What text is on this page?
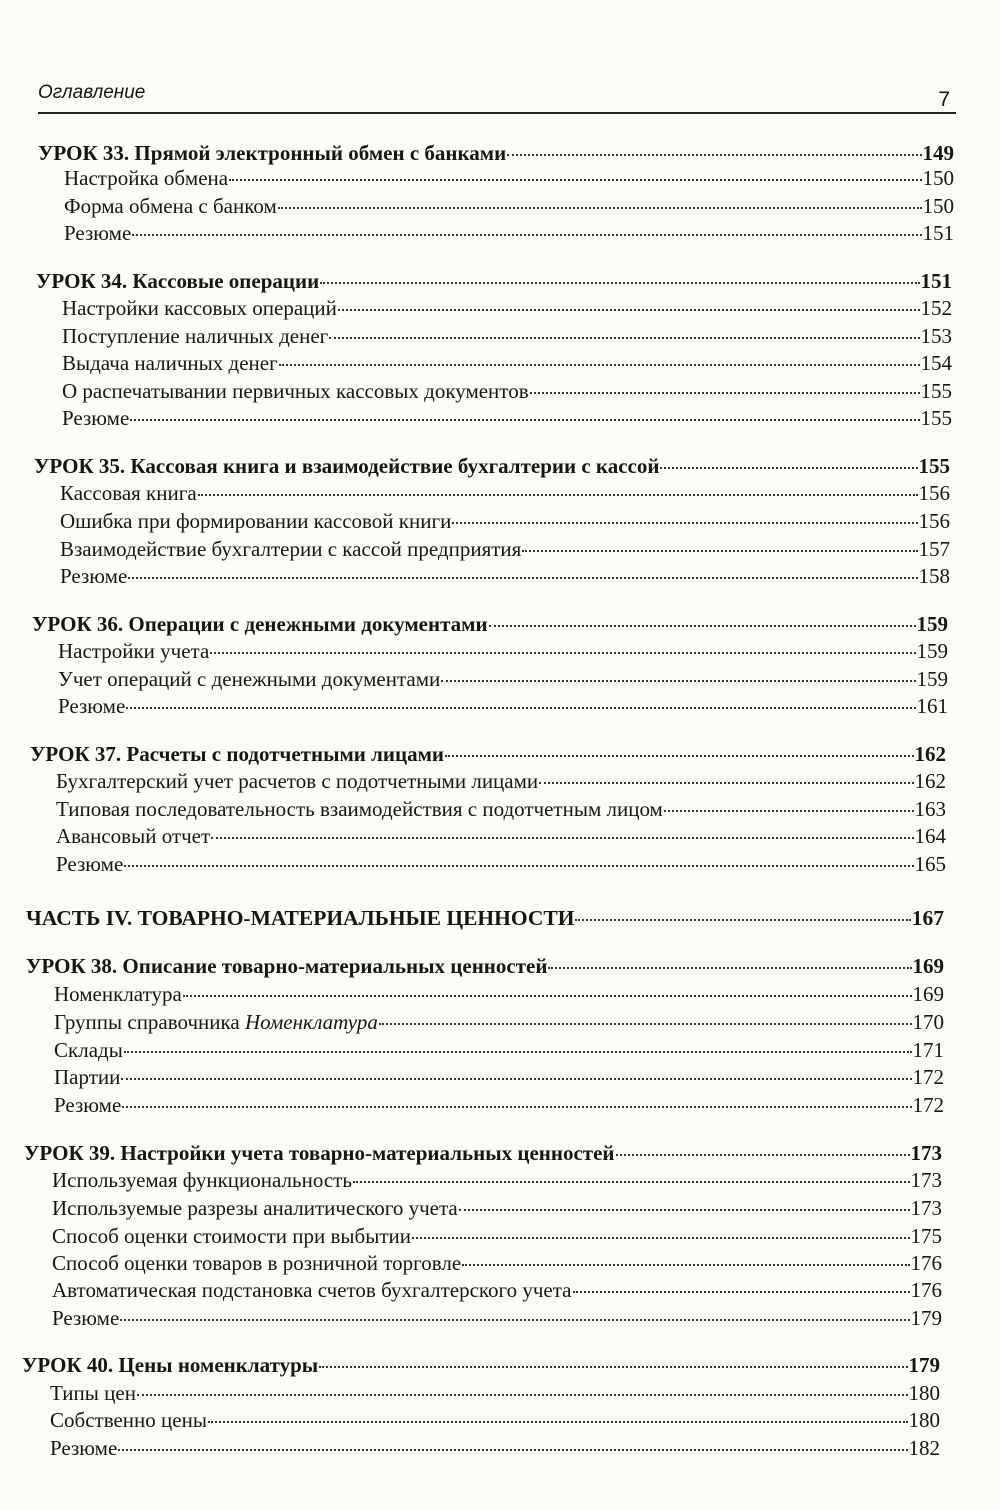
Оглавление	7
УРОК 33. Прямой электронный обмен с банками	149
Настройка обмена	150
Форма обмена с банком	150
Резюме	151
УРОК 34. Кассовые операции	151
Настройки кассовых операций	152
Поступление наличных денег	153
Выдача наличных денег	154
О распечатывании первичных кассовых документов	155
Резюме	155
УРОК 35. Кассовая книга и взаимодействие бухгалтерии с кассой	155
Кассовая книга	156
Ошибка при формировании кассовой книги	156
Взаимодействие бухгалтерии с кассой предприятия	157
Резюме	158
УРОК 36. Операции с денежными документами	159
Настройки учета	159
Учет операций с денежными документами	159
Резюме	161
УРОК 37. Расчеты с подотчетными лицами	162
Бухгалтерский учет расчетов с подотчетными лицами	162
Типовая последовательность взаимодействия с подотчетным лицом	163
Авансовый отчет	164
Резюме	165
ЧАСТЬ IV. ТОВАРНО-МАТЕРИАЛЬНЫЕ ЦЕННОСТИ	167
УРОК 38. Описание товарно-материальных ценностей	169
Номенклатура	169
Группы справочника Номенклатура	170
Склады	171
Партии	172
Резюме	172
УРОК 39. Настройки учета товарно-материальных ценностей	173
Используемая функциональность	173
Используемые разрезы аналитического учета	173
Способ оценки стоимости при выбытии	175
Способ оценки товаров в розничной торговле	176
Автоматическая подстановка счетов бухгалтерского учета	176
Резюме	179
УРОК 40. Цены номенклатуры	179
Типы цен	180
Собственно цены	180
Резюме	182
